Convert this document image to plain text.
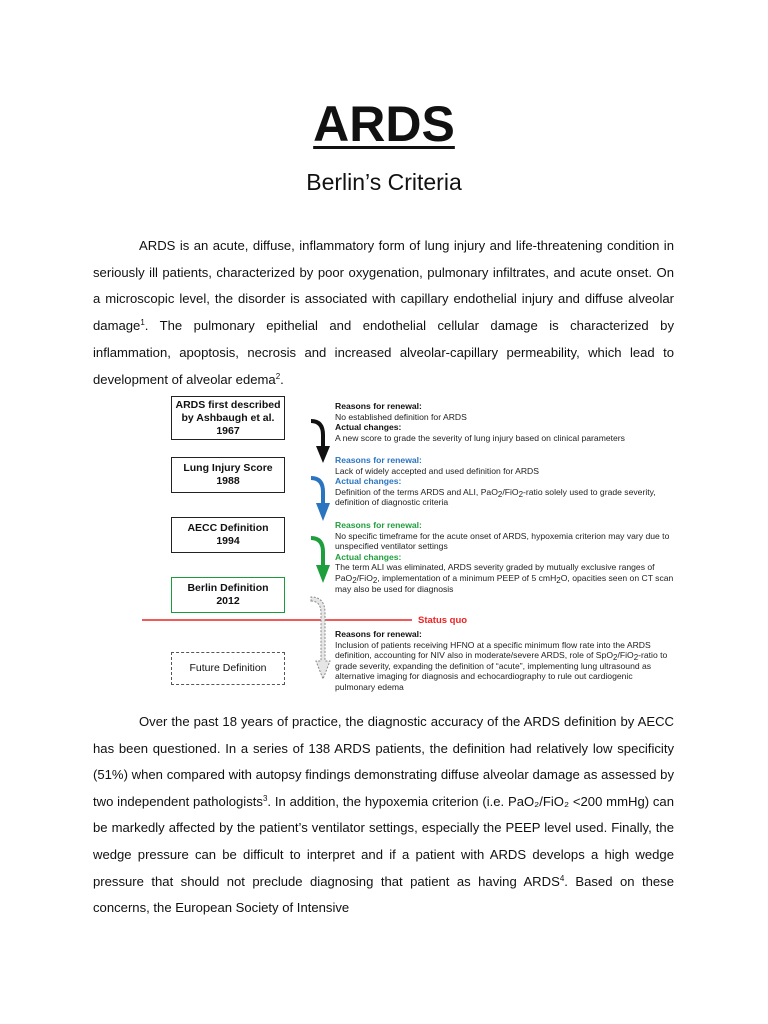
ARDS
Berlin’s Criteria

ARDS is an acute, diffuse, inflammatory form of lung injury and life-threatening condition in seriously ill patients, characterized by poor oxygenation, pulmonary infiltrates, and acute onset. On a microscopic level, the disorder is associated with capillary endothelial injury and diffuse alveolar damage$^1$. The pulmonary epithelial and endothelial cellular damage is characterized by inflammation, apoptosis, necrosis and increased alveolar-capillary permeability, which lead to development of alveolar edema$^2$.

ARDS first described
by Ashbaugh et al.
1967
Lung Injury Score
1988
AECC Definition
1994
Berlin Definition
2012
Future Definition
Reasons for renewal:
No established definition for ARDS
Actual changes:
A new score to grade the severity of lung injury based on clinical parameters
Reasons for renewal:
Lack of widely accepted and used definition for ARDS
Actual changes:
Definition of the terms ARDS and ALI, PaO$_2$/FiO$_2$-ratio solely used to grade severity, definition of diagnostic criteria
Reasons for renewal:
No specific timeframe for the acute onset of ARDS, hypoxemia criterion may vary due to unspecified ventilator settings
Actual changes:
The term ALI was eliminated, ARDS severity graded by mutually exclusive ranges of PaO$_2$/FiO$_2$, implementation of a minimum PEEP of 5 cmH$_2$O, opacities seen on CT scan may also be used for diagnosis
Status quo
Reasons for renewal:
Inclusion of patients receiving HFNO at a specific minimum flow rate into the ARDS definition, accounting for NIV also in moderate/severe ARDS, role of SpO$_2$/FiO$_2$-ratio to grade severity, expanding the definition of “acute”, implementing lung ultrasound as alternative imaging for diagnosis and echocardiography to rule out cardiogenic pulmonary edema

Over the past 18 years of practice, the diagnostic accuracy of the ARDS definition by AECC has been questioned. In a series of 138 ARDS patients, the definition had relatively low specificity (51%) when compared with autopsy findings demonstrating diffuse alveolar damage as assessed by two independent pathologists$^3$. In addition, the hypoxemia criterion (i.e. PaO₂/FiO₂ <200 mmHg) can be markedly affected by the patient’s ventilator settings, especially the PEEP level used. Finally, the wedge pressure can be difficult to interpret and if a patient with ARDS develops a high wedge pressure that should not preclude diagnosing that patient as having ARDS$^4$. Based on these concerns, the European Society of Intensive
